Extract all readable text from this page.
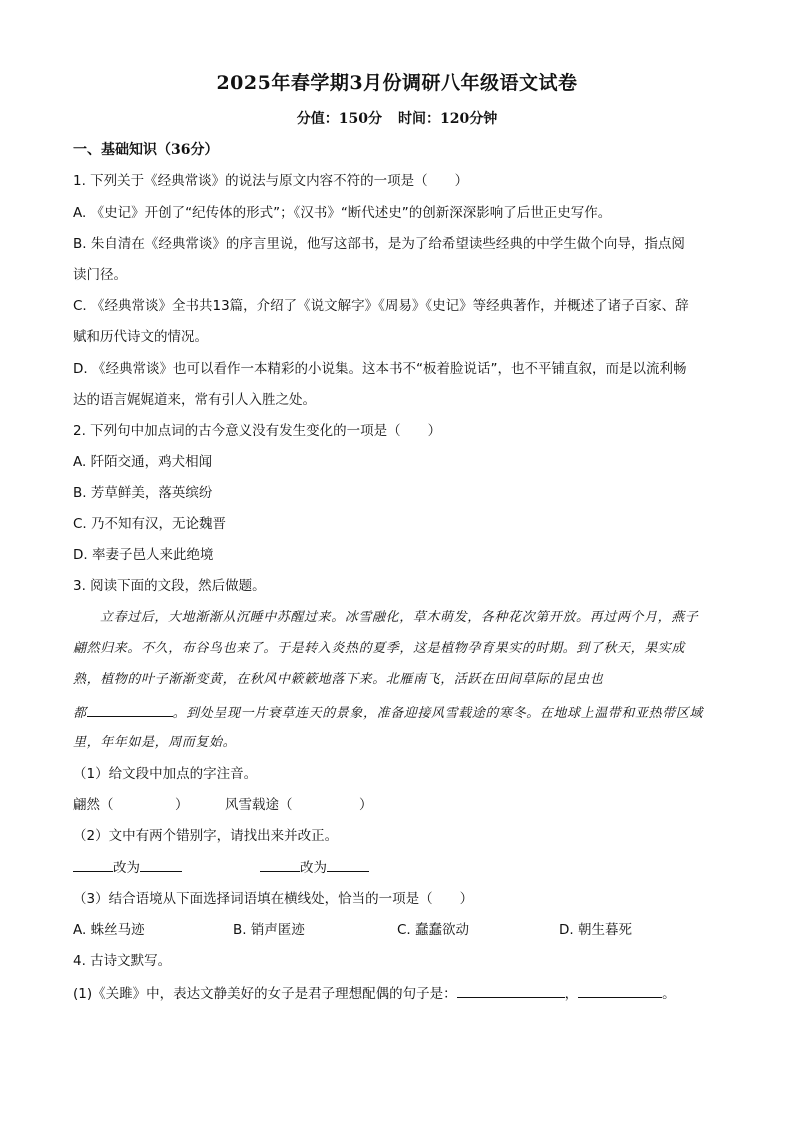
2025年春学期3月份调研八年级语文试卷
分值：150分 时间：120分钟
一、基础知识（36分）
1. 下列关于《经典常谈》的说法与原文内容不符的一项是（　　）
A. 《史记》开创了“纪传体的形式”；《汉书》“断代述史”的创新深深影响了后世正史写作。
B. 朱自清在《经典常谈》的序言里说，他写这部书，是为了给希望读些经典的中学生做个向导，指点阅
读门径。
C. 《经典常谈》全书共13篇，介绍了《说文解字》《周易》《史记》等经典著作，并概述了诸子百家、辞
赋和历代诗文的情况。
D. 《经典常谈》也可以看作一本精彩的小说集。这本书不“板着脸说话”，也不平铺直叙，而是以流利畅
达的语言娓娓道来，常有引人入胜之处。
2. 下列句中加点词的古今意义没有发生变化的一项是（　　）
A. 阡陌交通，鸡犬相闻
B. 芳草鲜美，落英缤纷
C. 乃不知有汉，无论魏晋
D. 率妻子邑人来此绝境
3. 阅读下面的文段，然后做题。
立春过后，大地渐渐从沉睡中苏醒过来。冰雪融化，草木萌发，各种花次第开放。再过两个月，燕子
翩然归来。不久，布谷鸟也来了。于是转入炎热的夏季，这是植物孕育果实的时期。到了秋天，果实成
熟，植物的叶子渐渐变黄，在秋风中簌簌地落下来。北雁南飞，活跃在田间草际的昆虫也
都	。到处呈现一片衰草连天的景象，准备迎接风雪载途的寒冬。在地球上温带和亚热带区域
里，年年如是，周而复始。
（1）给文段中加点的字注音。
翩然（	）	风雪载途（	）
（2）文中有两个错别字，请找出来并改正。
改为	改为
（3）结合语境从下面选择词语填在横线处，恰当的一项是（　　）
A. 蛛丝马迹	B. 销声匿迹	C. 蠢蠢欲动	D. 朝生暮死
4. 古诗文默写。
(1)《关雎》中，表达文静美好的女子是君子理想配偶的句子是：	，	。
